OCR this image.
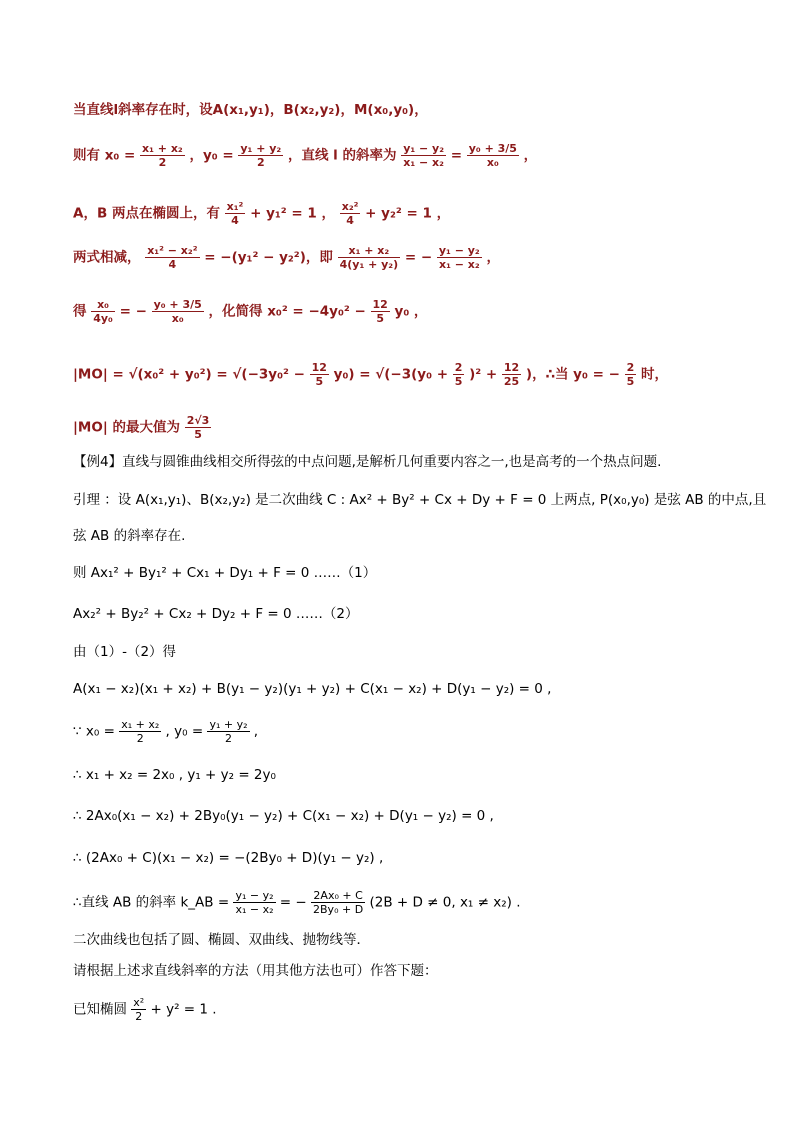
当直线l斜率存在时，设A(x₁,y₁)，B(x₂,y₂)，M(x₀,y₀)，
则有 $x_0 = \frac{\text{x₁ + x₂}}{2}$ ，$y_0 = \frac{\text{y₁ + y₂}}{2}$ ，直线 l 的斜率为 $\frac{\text{y₁ − y₂}}{\text{x₁ − x₂}} = \frac{\text{y₀ + 3/5}}{\text{x₀}}$ ，
A，B 两点在椭圆上，有 $\frac{\text{x₁²}}{4} + y_1^2 = 1$ ， $\frac{\text{x₂²}}{4} + y_2^2 = 1$ ，
两式相减， $\frac{\text{x₁² − x₂²}}{4} = -(y_1^2 - y_2^2)$，即 $\frac{\text{x₁ + x₂}}{\text{4(y₁ + y₂)}}$ = − $\frac{\text{y₁ − y₂}}{\text{x₁ − x₂}}$ ，
得 $\frac{\text{x₀}}{\text{4y₀}}$ = − $\frac{\text{y₀ + 3/5}}{\text{x₀}}$ ，化简得 $x_0^2 = -4y_0^2 - \frac{12}{5} y_0$ ，
$|MO| = √(x_0^2 + y_0^2) = √(-3y_0^2 - \frac{12}{5} y_0) = √(-3(y_0 + \frac{2}{5} )^2 + \frac{12}{25}$ )，∴当 y₀ = − $\frac{2}{5}$ 时，
|MO| 的最大值为 $\frac{2√3}{5}$
【例4】直线与圆锥曲线相交所得弦的中点问题,是解析几何重要内容之一,也是高考的一个热点问题.
引理 ：设 A(x₁,y₁)、B(x₂,y₂) 是二次曲线 C : Ax² + By² + Cx + Dy + F = 0 上两点, P(x₀,y₀) 是弦 AB 的中点,且
弦 AB 的斜率存在.
则 Ax₁² + By₁² + Cx₁ + Dy₁ + F = 0 ……（1）
Ax₂² + By₂² + Cx₂ + Dy₂ + F = 0 ……（2）
由（1）-（2）得
A(x₁ − x₂)(x₁ + x₂) + B(y₁ − y₂)(y₁ + y₂) + C(x₁ − x₂) + D(y₁ − y₂) = 0 ,
∵ $x_0 = \frac{\text{x₁ + x₂}}{2}$ , $y_0 = \frac{\text{y₁ + y₂}}{2}$ ,
∴ x₁ + x₂ = 2x₀ , y₁ + y₂ = 2y₀
∴ 2Ax₀(x₁ − x₂) + 2By₀(y₁ − y₂) + C(x₁ − x₂) + D(y₁ − y₂) = 0 ,
∴ (2Ax₀ + C)(x₁ − x₂) = −(2By₀ + D)(y₁ − y₂) ,
∴直线 AB 的斜率 k_AB = $\frac{\text{y₁ − y₂}}{\text{x₁ − x₂}}$ = − $\frac{\text{2Ax₀ + C}}{\text{2By₀ + D}} (2B + D \ne 0$, x₁ ≠ x₂) .
二次曲线也包括了圆、椭圆、双曲线、抛物线等．
请根据上述求直线斜率的方法（用其他方法也可）作答下题：
已知椭圆 $\frac{\text{x²}}{2} + y^2 = 1$ .
